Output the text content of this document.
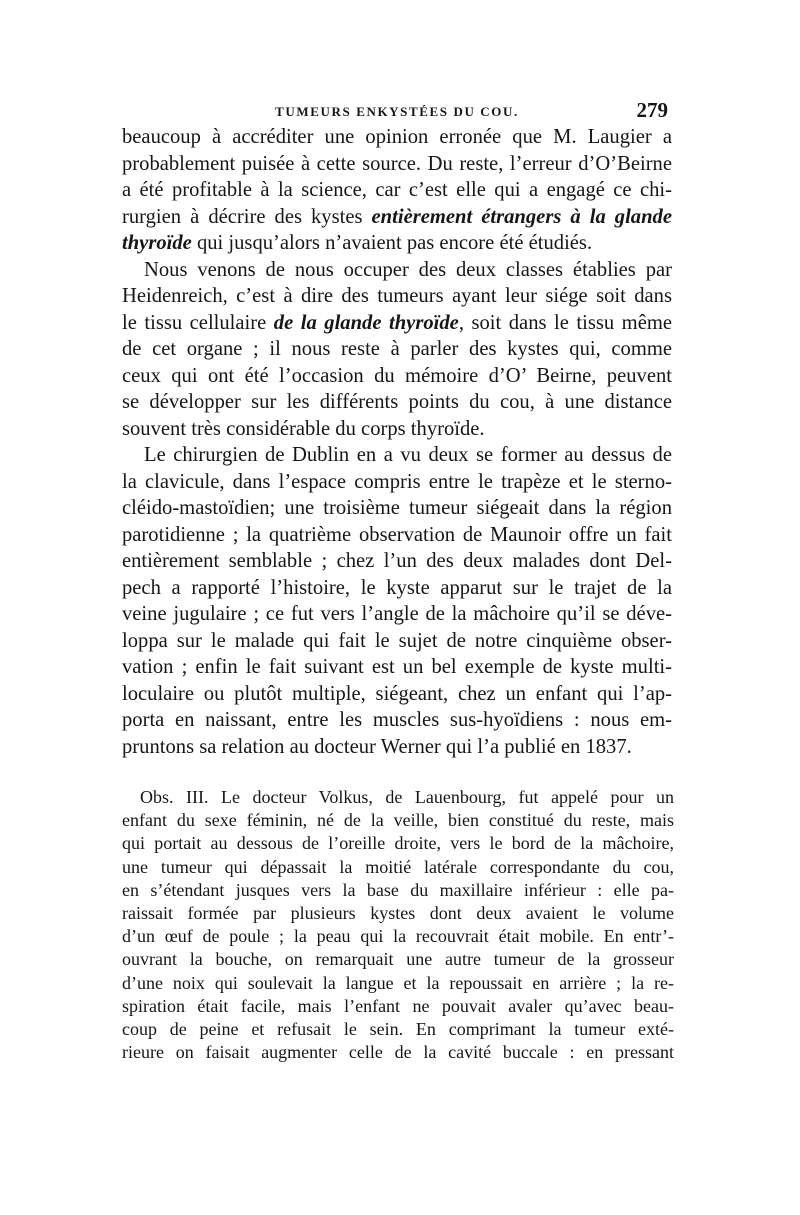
TUMEURS ENKYSTÉES DU COU.	279
beaucoup à accréditer une opinion erronée que M. Laugier a
probablement puisée à cette source. Du reste, l’erreur d’O’Beirne
a été profitable à la science, car c’est elle qui a engagé ce chi-
rurgien à décrire des kystes entièrement étrangers à la glande
thyroïde qui jusqu’alors n’avaient pas encore été étudiés.
Nous venons de nous occuper des deux classes établies par
Heidenreich, c’est à dire des tumeurs ayant leur siége soit dans
le tissu cellulaire de la glande thyroïde, soit dans le tissu même
de cet organe ; il nous reste à parler des kystes qui, comme
ceux qui ont été l’occasion du mémoire d’O’ Beirne, peuvent
se développer sur les différents points du cou, à une distance
souvent très considérable du corps thyroïde.
Le chirurgien de Dublin en a vu deux se former au dessus de
la clavicule, dans l’espace compris entre le trapèze et le sterno-
cléido-mastoïdien; une troisième tumeur siégeait dans la région
parotidienne ; la quatrième observation de Maunoir offre un fait
entièrement semblable ; chez l’un des deux malades dont Del-
pech a rapporté l’histoire, le kyste apparut sur le trajet de la
veine jugulaire ; ce fut vers l’angle de la mâchoire qu’il se déve-
loppa sur le malade qui fait le sujet de notre cinquième obser-
vation ; enfin le fait suivant est un bel exemple de kyste multi-
loculaire ou plutôt multiple, siégeant, chez un enfant qui l’ap-
porta en naissant, entre les muscles sus-hyoïdiens : nous em-
pruntons sa relation au docteur Werner qui l’a publié en 1837.
Obs. III. Le docteur Volkus, de Lauenbourg, fut appelé pour un
enfant du sexe féminin, né de la veille, bien constitué du reste, mais
qui portait au dessous de l’oreille droite, vers le bord de la mâchoire,
une tumeur qui dépassait la moitié latérale correspondante du cou,
en s’étendant jusques vers la base du maxillaire inférieur : elle pa-
raissait formée par plusieurs kystes dont deux avaient le volume
d’un œuf de poule ; la peau qui la recouvrait était mobile. En entr’-
ouvrant la bouche, on remarquait une autre tumeur de la grosseur
d’une noix qui soulevait la langue et la repoussait en arrière ; la re-
spiration était facile, mais l’enfant ne pouvait avaler qu’avec beau-
coup de peine et refusait le sein. En comprimant la tumeur exté-
rieure on faisait augmenter celle de la cavité buccale : en pressant
